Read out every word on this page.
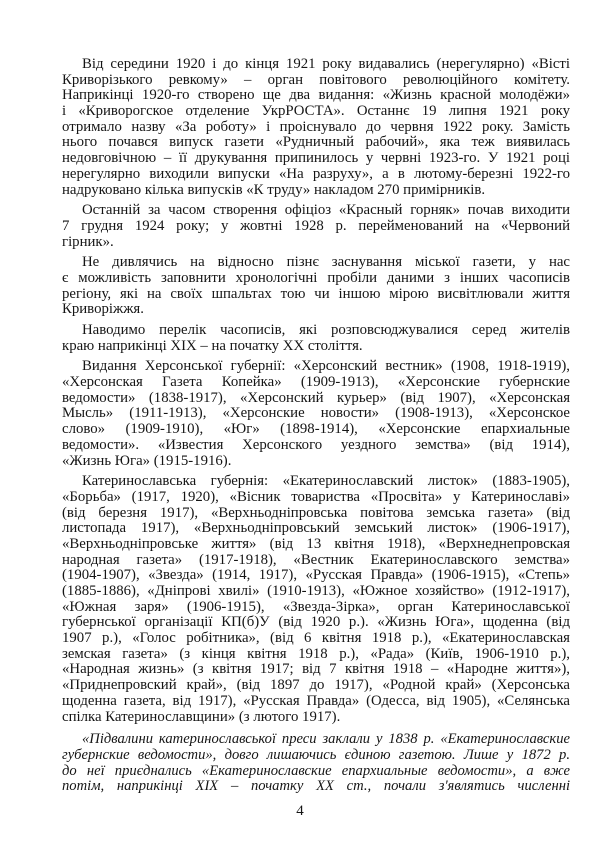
Від середини 1920 і до кінця 1921 року видавались (нерегулярно) «Вісті
Криворізького ревкому» – орган повітового революційного комітету.
Наприкінці 1920-го створено ще два видання: «Жизнь красной молодёжи»
і «Криворогское отделение УкрРОСТА». Останнє 19 липня 1921 року
отримало назву «За роботу» і проіснувало до червня 1922 року. Замість
нього почався випуск газети «Рудничный рабочий», яка теж виявилась
недовговічною – її друкування припинилось у червні 1923-го. У 1921 році
нерегулярно виходили випуски «На разруху», а в лютому-березні 1922-го
надруковано кілька випусків «К труду» накладом 270 примірників.
Останній за часом створення офіціоз «Красный горняк» почав виходити
7 грудня 1924 року; у жовтні 1928 р. перейменований на «Червоний
гірник».
Не дивлячись на відносно пізнє заснування міської газети, у нас
є можливість заповнити хронологічні пробіли даними з інших часописів
регіону, які на своїх шпальтах тою чи іншою мірою висвітлювали життя
Криворіжжя.
Наводимо перелік часописів, які розповсюджувалися серед жителів
краю наприкінці XIX – на початку XX століття.
Видання Херсонської губернії: «Херсонский вестник» (1908, 1918-1919),
«Херсонская Газета Копейка» (1909-1913), «Херсонские губернские
ведомости» (1838-1917), «Херсонский курьер» (від 1907), «Херсонская
Мысль» (1911-1913), «Херсонские новости» (1908-1913), «Херсонское
слово» (1909-1910), «Юг» (1898-1914), «Херсонские епархиальные
ведомости». «Известия Херсонского уездного земства» (від 1914),
«Жизнь Юга» (1915-1916).
Катеринославська губернія: «Екатеринославский листок» (1883-1905),
«Борьба» (1917, 1920), «Вісник товариства «Просвіта» у Катеринославі»
(від березня 1917), «Верхньодніпровська повітова земська газета» (від
листопада 1917), «Верхньодніпровський земський листок» (1906-1917),
«Верхньодніпровське життя» (від 13 квітня 1918), «Верхнеднепровская
народная газета» (1917-1918), «Вестник Екатеринославского земства»
(1904-1907), «Звезда» (1914, 1917), «Русская Правда» (1906-1915), «Степь»
(1885-1886), «Дніпрові хвилі» (1910-1913), «Южное хозяйство» (1912-1917),
«Южная заря» (1906-1915), «Звезда-Зірка», орган Катеринославської
губернської організації КП(б)У (від 1920 р.). «Жизнь Юга», щоденна (від
1907 р.), «Голос робітника», (від 6 квітня 1918 р.), «Екатеринославская
земская газета» (з кінця квітня 1918 р.), «Рада» (Київ, 1906-1910 р.),
«Народная жизнь» (з квітня 1917; від 7 квітня 1918 – «Народне життя»),
«Приднепровский край», (від 1897 до 1917), «Родной край» (Херсонська
щоденна газета, від 1917), «Русская Правда» (Одесса, від 1905), «Селянська
спілка Катеринославщини» (з лютого 1917).
«Підвалини катеринославської преси заклали у 1838 р. «Екатеринославские
губернские ведомости», довго лишаючись єдиною газетою. Лише у 1872 р.
до неї приєднались «Екатеринославские епархиальные ведомости», а вже
потім, наприкінці XIX – початку XX ст., почали з'являтись численні
4
